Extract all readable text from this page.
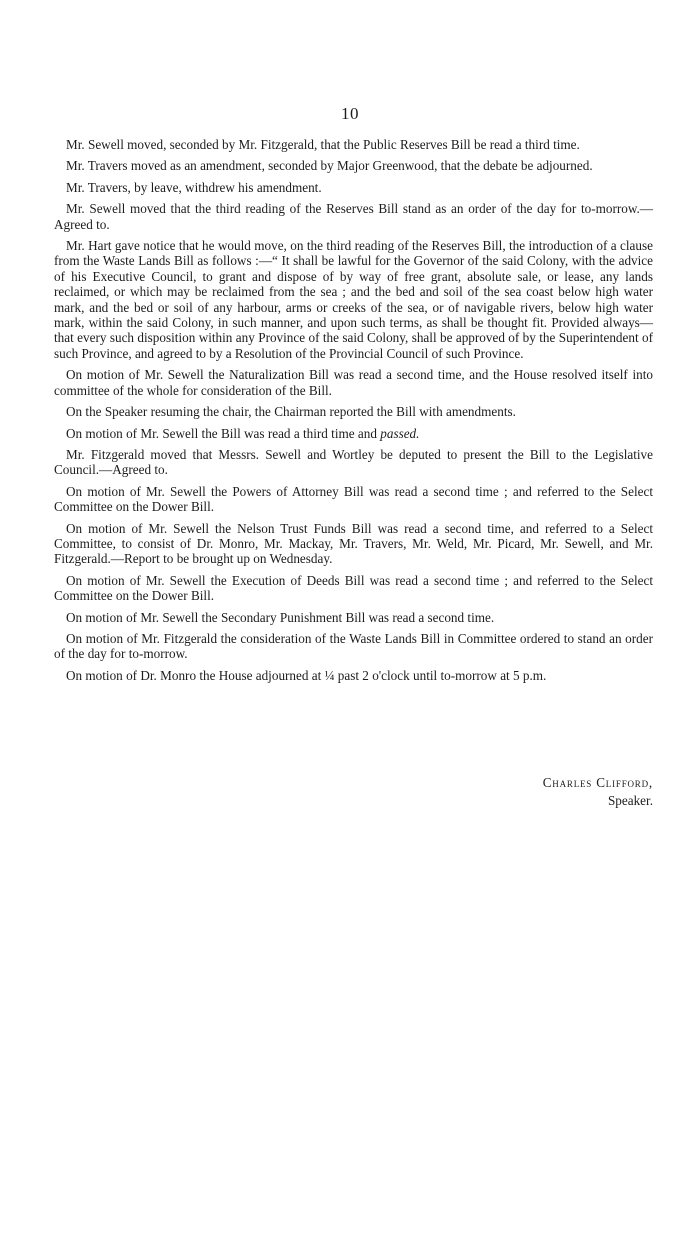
10

Mr. Sewell moved, seconded by Mr. Fitzgerald, that the Public Reserves Bill be read a third time.

Mr. Travers moved as an amendment, seconded by Major Greenwood, that the debate be adjourned.

Mr. Travers, by leave, withdrew his amendment.

Mr. Sewell moved that the third reading of the Reserves Bill stand as an order of the day for to-morrow.—Agreed to.

Mr. Hart gave notice that he would move, on the third reading of the Reserves Bill, the introduction of a clause from the Waste Lands Bill as follows :—“ It shall be lawful for the Governor of the said Colony, with the advice of his Executive Council, to grant and dispose of by way of free grant, absolute sale, or lease, any lands reclaimed, or which may be reclaimed from the sea ; and the bed and soil of the sea coast below high water mark, and the bed or soil of any harbour, arms or creeks of the sea, or of navigable rivers, below high water mark, within the said Colony, in such manner, and upon such terms, as shall be thought fit. Provided always—that every such disposition within any Province of the said Colony, shall be approved of by the Superintendent of such Province, and agreed to by a Resolution of the Provincial Council of such Province.

On motion of Mr. Sewell the Naturalization Bill was read a second time, and the House resolved itself into committee of the whole for consideration of the Bill.

On the Speaker resuming the chair, the Chairman reported the Bill with amendments.

On motion of Mr. Sewell the Bill was read a third time and passed.

Mr. Fitzgerald moved that Messrs. Sewell and Wortley be deputed to present the Bill to the Legislative Council.—Agreed to.

On motion of Mr. Sewell the Powers of Attorney Bill was read a second time ; and referred to the Select Committee on the Dower Bill.

On motion of Mr. Sewell the Nelson Trust Funds Bill was read a second time, and referred to a Select Committee, to consist of Dr. Monro, Mr. Mackay, Mr. Travers, Mr. Weld, Mr. Picard, Mr. Sewell, and Mr. Fitzgerald.—Report to be brought up on Wednesday.

On motion of Mr. Sewell the Execution of Deeds Bill was read a second time ; and referred to the Select Committee on the Dower Bill.

On motion of Mr. Sewell the Secondary Punishment Bill was read a second time.

On motion of Mr. Fitzgerald the consideration of the Waste Lands Bill in Committee ordered to stand an order of the day for to-morrow.

On motion of Dr. Monro the House adjourned at ¼ past 2 o'clock until to-morrow at 5 p.m.

Charles Clifford,
Speaker.
